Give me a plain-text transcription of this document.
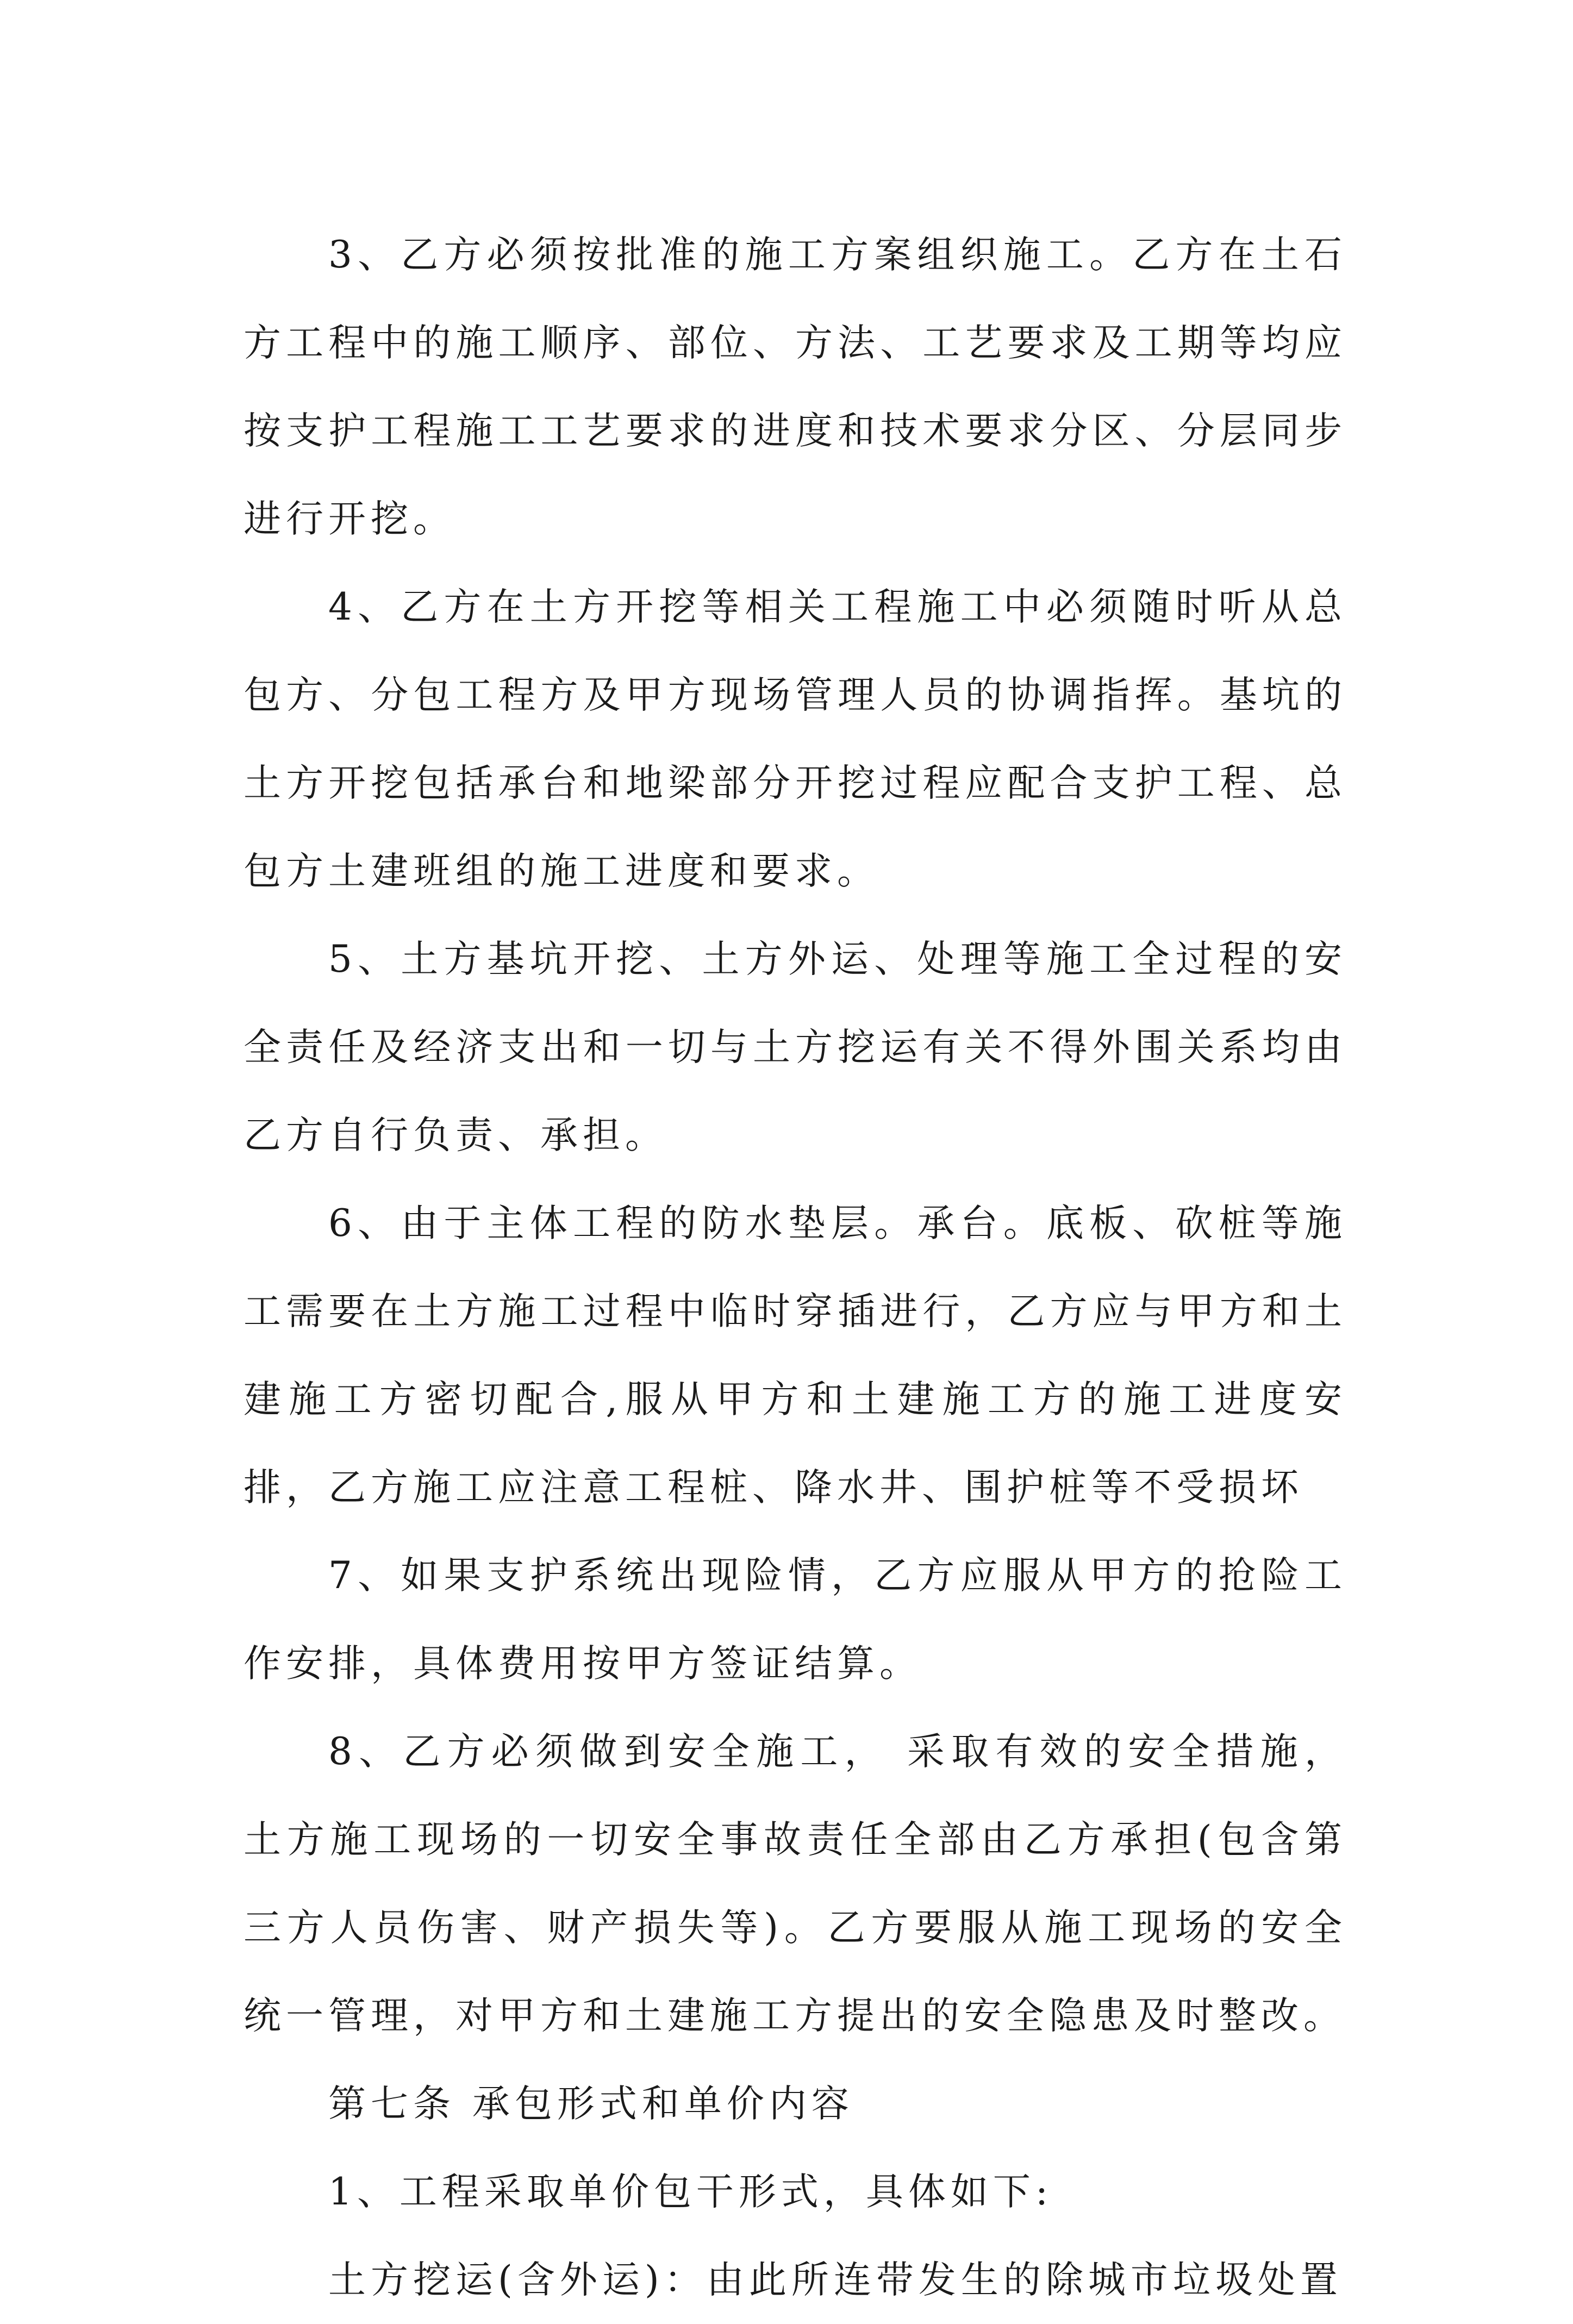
3、乙方必须按批准的施工方案组织施工。乙方在土石方工程中的施工顺序、部位、方法、工艺要求及工期等均应按支护工程施工工艺要求的进度和技术要求分区、分层同步进行开挖。

4、乙方在土方开挖等相关工程施工中必须随时听从总包方、分包工程方及甲方现场管理人员的协调指挥。基坑的土方开挖包括承台和地梁部分开挖过程应配合支护工程、总包方土建班组的施工进度和要求。

5、土方基坑开挖、土方外运、处理等施工全过程的安全责任及经济支出和一切与土方挖运有关不得外围关系均由乙方自行负责、承担。

6、由于主体工程的防水垫层。承台。底板、砍桩等施工需要在土方施工过程中临时穿插进行，乙方应与甲方和土建施工方密切配合,服从甲方和土建施工方的施工进度安排，乙方施工应注意工程桩、降水井、围护桩等不受损坏

7、如果支护系统出现险情，乙方应服从甲方的抢险工作安排，具体费用按甲方签证结算。

8、乙方必须做到安全施工， 采取有效的安全措施，土方施工现场的一切安全事故责任全部由乙方承担(包含第三方人员伤害、财产损失等)。乙方要服从施工现场的安全统一管理，对甲方和土建施工方提出的安全隐患及时整改。

第七条 承包形式和单价内容

1、工程采取单价包干形式，具体如下:

土方挖运(含外运)：由此所连带发生的除城市垃圾处置
